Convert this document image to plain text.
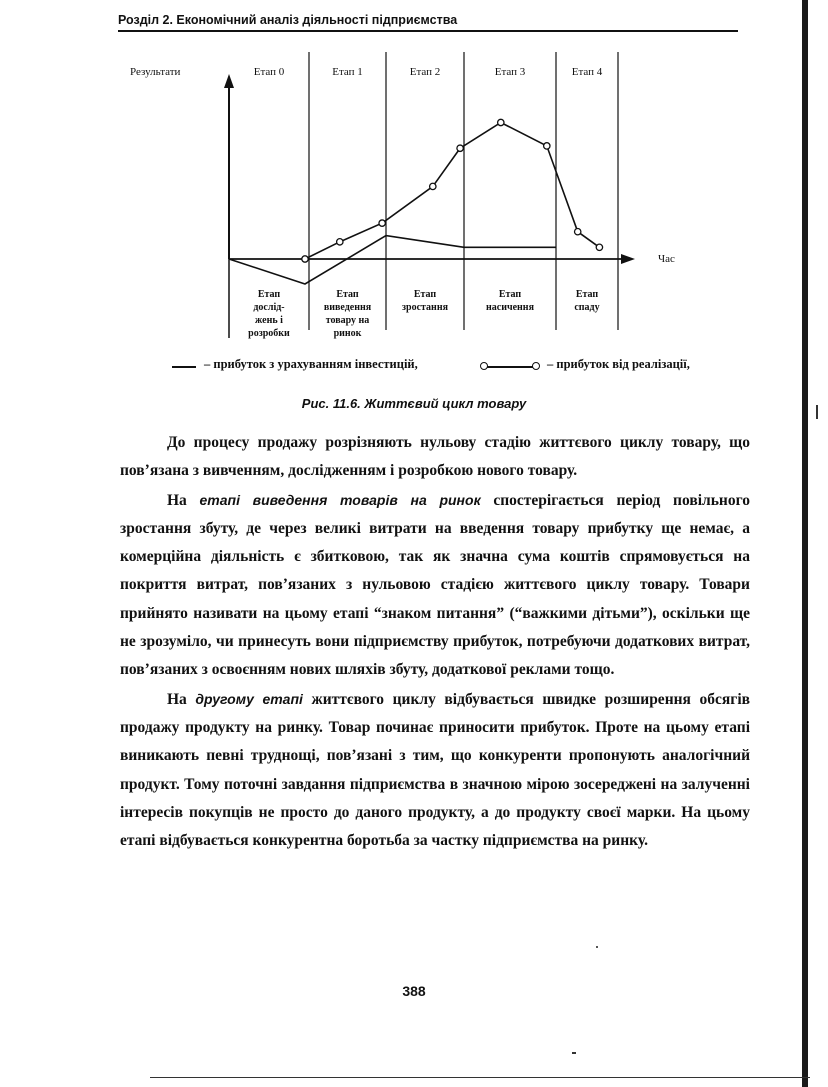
Розділ 2. Економічний аналіз діяльності підприємства
Результати
Час
Етап 0	Етап 1	Етап 2	Етап 3	Етап 4
Етап
дослід-
жень і
розробки
Етап
виведення
товару на
ринок
Етап
зростання
Етап
насичення
Етап
спаду
– прибуток з урахуванням інвестицій,	– прибуток від реалізації,
Рис. 11.6. Життєвий цикл товару

До процесу продажу розрізняють нульову стадію життєвого циклу товару, що пов’язана з вивченням, дослідженням і розробкою нового товару.

На етапі виведення товарів на ринок спостерігається період повільного зростання збуту, де через великі витрати на введення товару прибутку ще немає, а комерційна діяльність є збитковою, так як значна сума коштів спрямовується на покриття витрат, пов’язаних з нульовою стадією життєвого циклу товару. Товари прийнято називати на цьому етапі “знаком питання” (“важкими дітьми”), оскільки ще не зрозуміло, чи принесуть вони підприємству прибуток, потребуючи додаткових витрат, пов’язаних з освоєнням нових шляхів збуту, додаткової реклами тощо.

На другому етапі життєвого циклу відбувається швидке розширення обсягів продажу продукту на ринку. Товар починає приносити прибуток. Проте на цьому етапі виникають певні труднощі, пов’язані з тим, що конкуренти пропонують аналогічний продукт. Тому поточні завдання підприємства в значною мірою зосереджені на залученні інтересів покупців не просто до даного продукту, а до продукту своєї марки. На цьому етапі відбувається конкурентна боротьба за частку підприємства на ринку.

388
